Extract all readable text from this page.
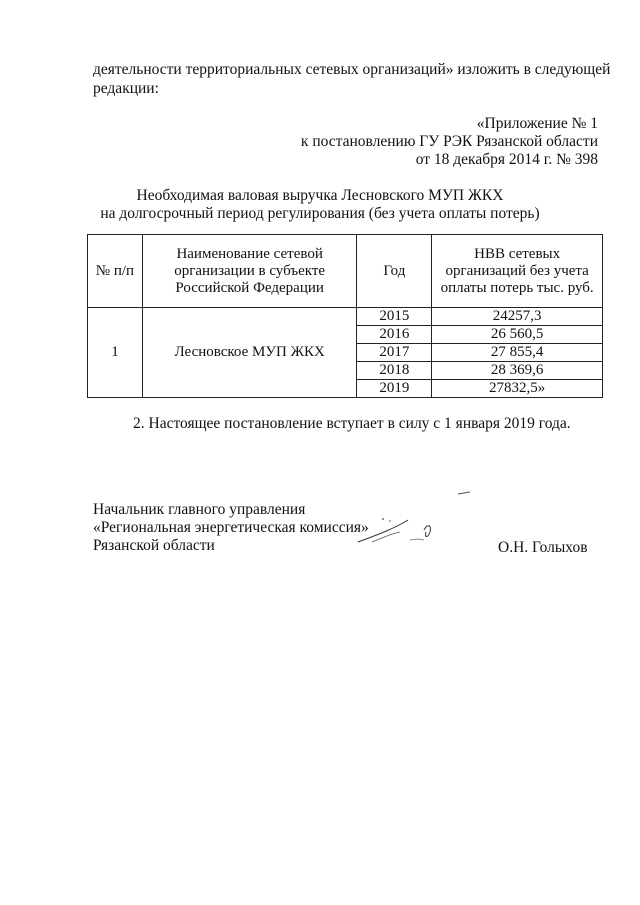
деятельности территориальных сетевых организаций» изложить в следующей
редакции:
«Приложение № 1
к постановлению ГУ РЭК Рязанской области
от 18 декабря 2014 г. № 398
Необходимая валовая выручка Лесновского МУП ЖКХ
на долгосрочный период регулирования (без учета оплаты потерь)
№ п/п	Наименование сетевой организации в субъекте Российской Федерации	Год	НВВ сетевых организаций без учета оплаты потерь тыс. руб.
1	Лесновское МУП ЖКХ	2015	24257,3
		2016	26 560,5
		2017	27 855,4
		2018	28 369,6
		2019	27832,5»
2. Настоящее постановление вступает в силу с 1 января 2019 года.
Начальник главного управления
«Региональная энергетическая комиссия»
Рязанской области	О.Н. Голыхов
